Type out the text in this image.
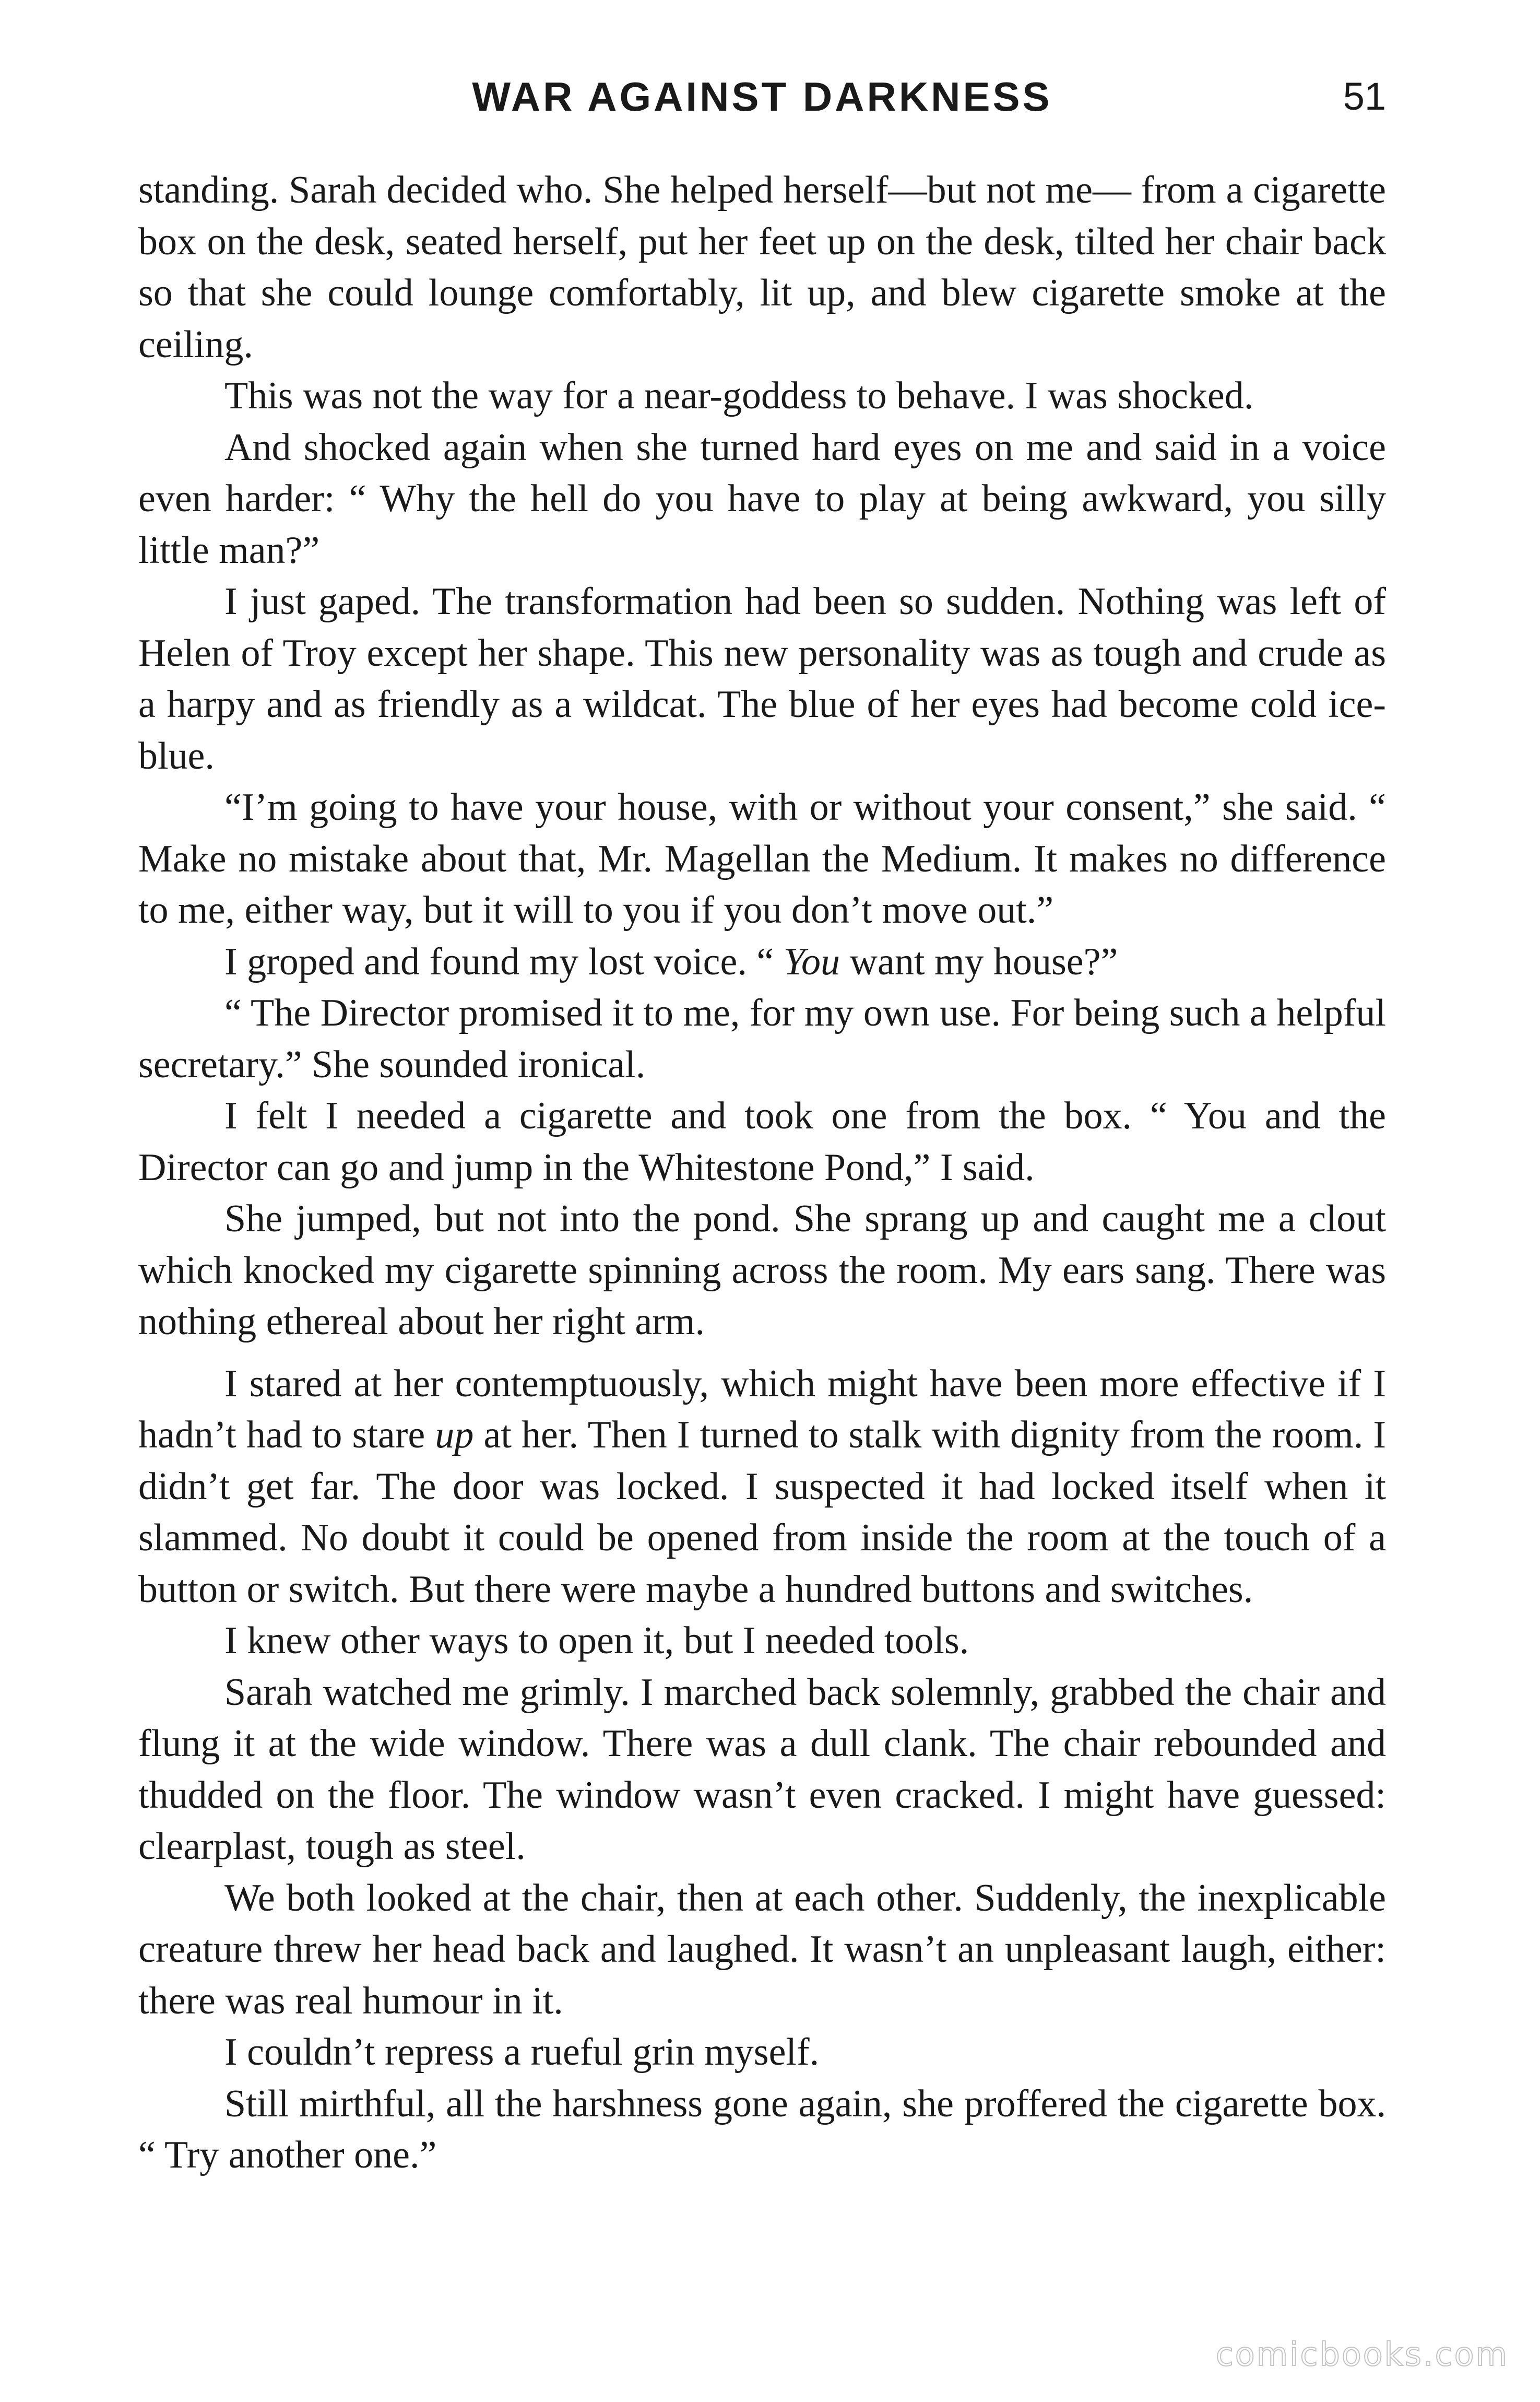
WAR AGAINST DARKNESS	51

standing. Sarah decided who. She helped herself—but not me— from a cigarette box on the desk, seated herself, put her feet up on the desk, tilted her chair back so that she could lounge comfortably, lit up, and blew cigarette smoke at the ceiling.

This was not the way for a near-goddess to behave. I was shocked.

And shocked again when she turned hard eyes on me and said in a voice even harder: “ Why the hell do you have to play at being awkward, you silly little man?”

I just gaped. The transformation had been so sudden. Nothing was left of Helen of Troy except her shape. This new personality was as tough and crude as a harpy and as friendly as a wildcat. The blue of her eyes had become cold ice-blue.

“I’m going to have your house, with or without your consent,” she said. “ Make no mistake about that, Mr. Magellan the Medium. It makes no difference to me, either way, but it will to you if you don’t move out.”

I groped and found my lost voice. “ You want my house?”

“ The Director promised it to me, for my own use. For being such a helpful secretary.” She sounded ironical.

I felt I needed a cigarette and took one from the box. “ You and the Director can go and jump in the Whitestone Pond,” I said.

She jumped, but not into the pond. She sprang up and caught me a clout which knocked my cigarette spinning across the room. My ears sang. There was nothing ethereal about her right arm.

I stared at her contemptuously, which might have been more effective if I hadn’t had to stare up at her. Then I turned to stalk with dignity from the room. I didn’t get far. The door was locked. I suspected it had locked itself when it slammed. No doubt it could be opened from inside the room at the touch of a button or switch. But there were maybe a hundred buttons and switches.

I knew other ways to open it, but I needed tools.

Sarah watched me grimly. I marched back solemnly, grabbed the chair and flung it at the wide window. There was a dull clank. The chair rebounded and thudded on the floor. The window wasn’t even cracked. I might have guessed: clearplast, tough as steel.

We both looked at the chair, then at each other. Suddenly, the inexplicable creature threw her head back and laughed. It wasn’t an unpleasant laugh, either: there was real humour in it.

I couldn’t repress a rueful grin myself.

Still mirthful, all the harshness gone again, she proffered the cigarette box. “ Try another one.”

comicbooks.com
